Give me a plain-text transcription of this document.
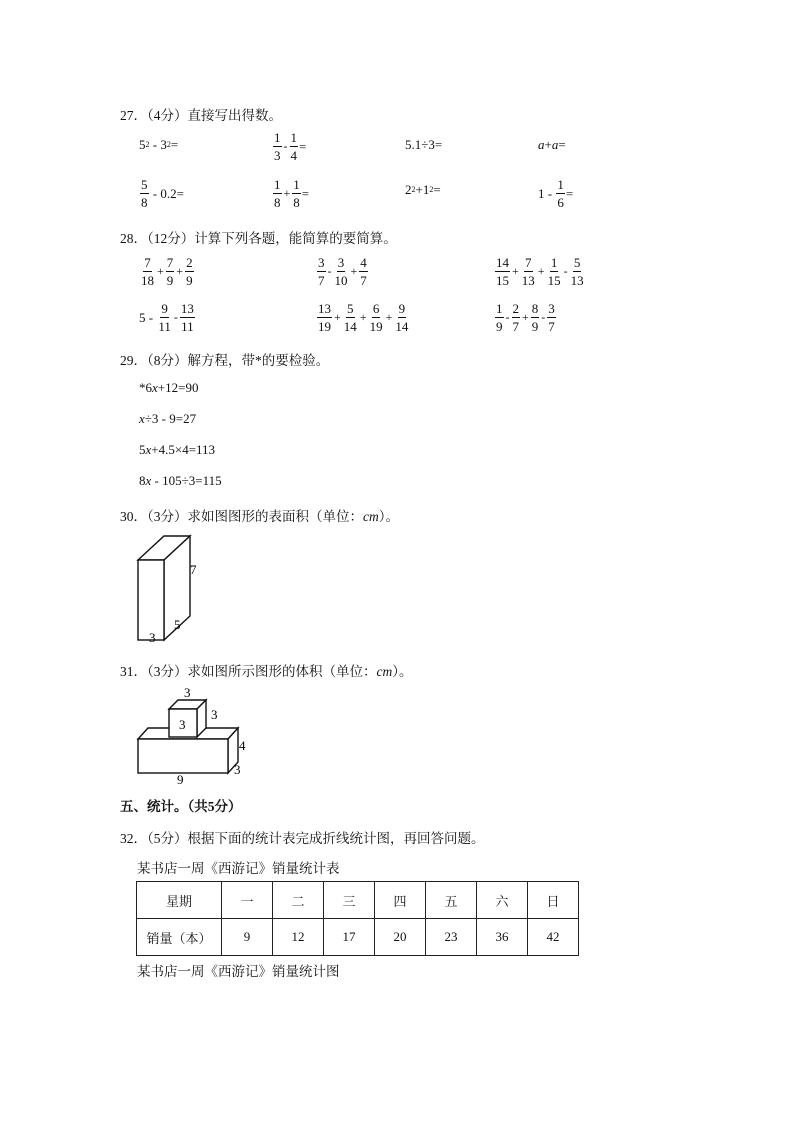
27．（4分）直接写出得数。
5 2 - 3 2 =	$\frac{1}{3} - \frac{1}{4}$ =	5.1÷3=	a + a =
$\frac{5}{8} - 0.2=$	$\frac{1}{8} + \frac{1}{8}$ =	2 2 + 1 2 =	$1 - \frac{1}{6}$ =
28．（12分）计算下列各题，能简算的要简算。
$\frac{7}{18} + \frac{7}{9} + \frac{2}{9}$	$\frac{3}{7} - \frac{3}{10} + \frac{4}{7}$	$\frac{14}{15} + \frac{7}{13} + \frac{1}{15} - \frac{5}{13}$
$5 - \frac{9}{11} - \frac{13}{11}$	$\frac{13}{19} + \frac{5}{14} + \frac{6}{19} + \frac{9}{14}$	$\frac{1}{9} - \frac{2}{7} + \frac{8}{9} - \frac{3}{7}$
29．（8分）解方程，带*的要检验。
*6 x +12=90
x ÷3 - 9=27
5 x +4.5×4=113
8 x - 105÷3=115
30．（3分）求如图图形的表面积（单位：cm）。
7
5
3
31．（3分）求如图所示图形的体积（单位：cm）。
3
3
3
4
9
3
五、统计。（共5分）
32．（5分）根据下面的统计表完成折线统计图，再回答问题。
某书店一周《西游记》销量统计表
星期	一	二	三	四	五	六	日
销量（本）	9	12	17	20	23	36	42
某书店一周《西游记》销量统计图
